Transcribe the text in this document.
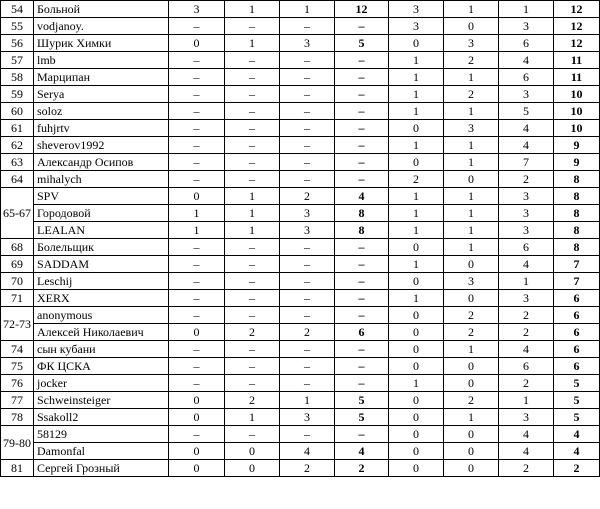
54	Больной	3	1	1	12	3	1	1	12
55	vodjanoy.	–	–	–	–	3	0	3	12
56	Шурик Химки	0	1	3	5	0	3	6	12
57	lmb	–	–	–	–	1	2	4	11
58	Марципан	–	–	–	–	1	1	6	11
59	Serya	–	–	–	–	1	2	3	10
60	soloz	–	–	–	–	1	1	5	10
61	fuhjrtv	–	–	–	–	0	3	4	10
62	sheverov1992	–	–	–	–	1	1	4	9
63	Александр Осипов	–	–	–	–	0	1	7	9
64	mihalych	–	–	–	–	2	0	2	8
65-67	SPV	0	1	2	4	1	1	3	8
	Городовой	1	1	3	8	1	1	3	8
	LEALAN	1	1	3	8	1	1	3	8
68	Болельщик	–	–	–	–	0	1	6	8
69	SADDAM	–	–	–	–	1	0	4	7
70	Leschij	–	–	–	–	0	3	1	7
71	XERX	–	–	–	–	1	0	3	6
72-73	anonymous	–	–	–	–	0	2	2	6
	Алексей Николаевич	0	2	2	6	0	2	2	6
74	сын кубани	–	–	–	–	0	1	4	6
75	ФК ЦСКА	–	–	–	–	0	0	6	6
76	jocker	–	–	–	–	1	0	2	5
77	Schweinsteiger	0	2	1	5	0	2	1	5
78	Ssakoll2	0	1	3	5	0	1	3	5
79-80	58129	–	–	–	–	0	0	4	4
	Damonfal	0	0	4	4	0	0	4	4
81	Сергей Грозный	0	0	2	2	0	0	2	2
